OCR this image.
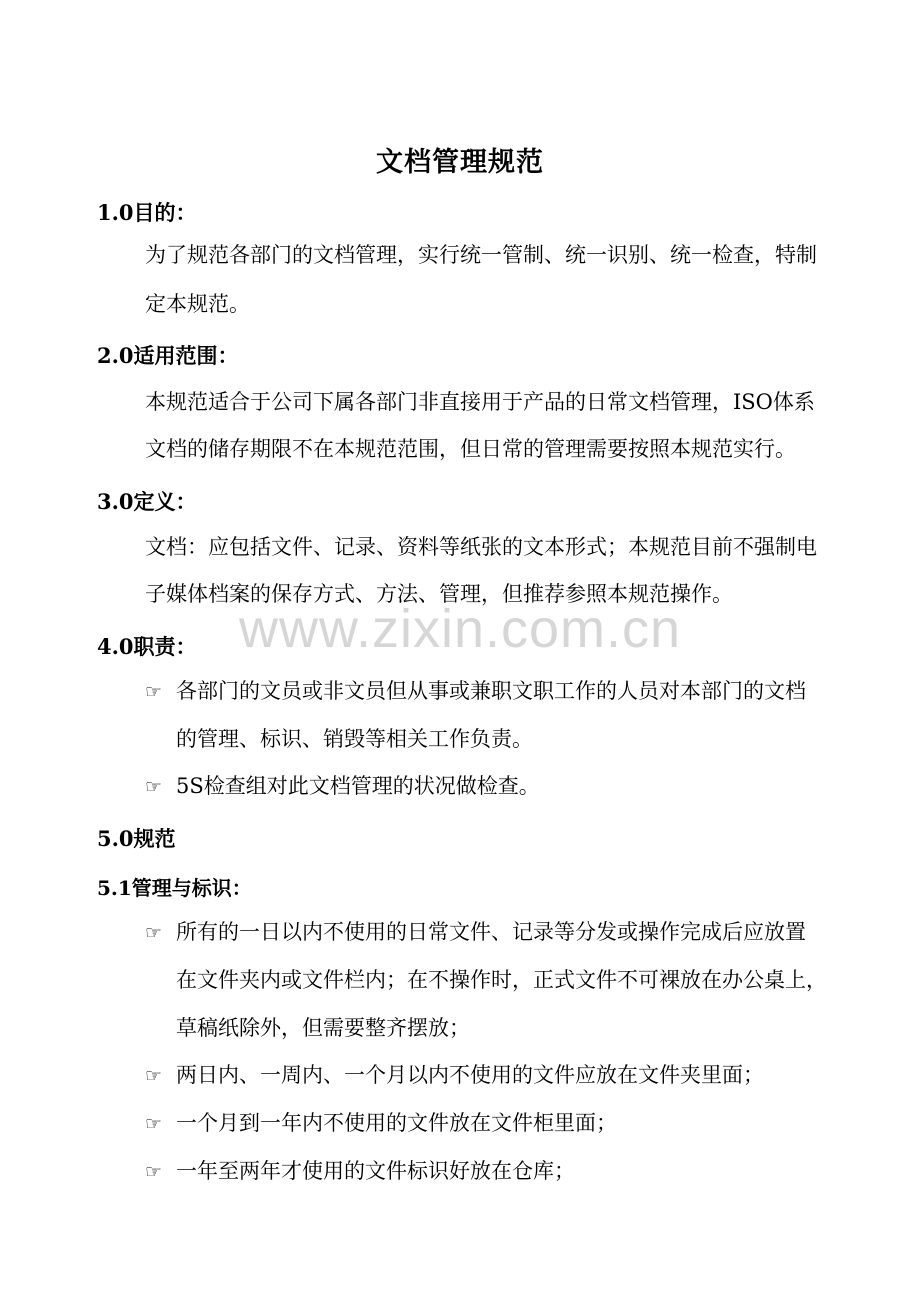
www.zixin.com.cn
文档管理规范
1.0目的：
为了规范各部门的文档管理，实行统一管制、统一识别、统一检查，特制
定本规范。
2.0适用范围：
本规范适合于公司下属各部门非直接用于产品的日常文档管理，ISO体系
文档的储存期限不在本规范范围，但日常的管理需要按照本规范实行。
3.0定义：
文档：应包括文件、记录、资料等纸张的文本形式；本规范目前不强制电
子媒体档案的保存方式、方法、管理，但推荐参照本规范操作。
4.0职责：
☞ 各部门的文员或非文员但从事或兼职文职工作的人员对本部门的文档
的管理、标识、销毁等相关工作负责。
☞ 5S检查组对此文档管理的状况做检查。
5.0规范
5.1管理与标识：
☞ 所有的一日以内不使用的日常文件、记录等分发或操作完成后应放置
在文件夹内或文件栏内；在不操作时，正式文件不可裸放在办公桌上，
草稿纸除外，但需要整齐摆放；
☞ 两日内、一周内、一个月以内不使用的文件应放在文件夹里面；
☞ 一个月到一年内不使用的文件放在文件柜里面；
☞ 一年至两年才使用的文件标识好放在仓库；
